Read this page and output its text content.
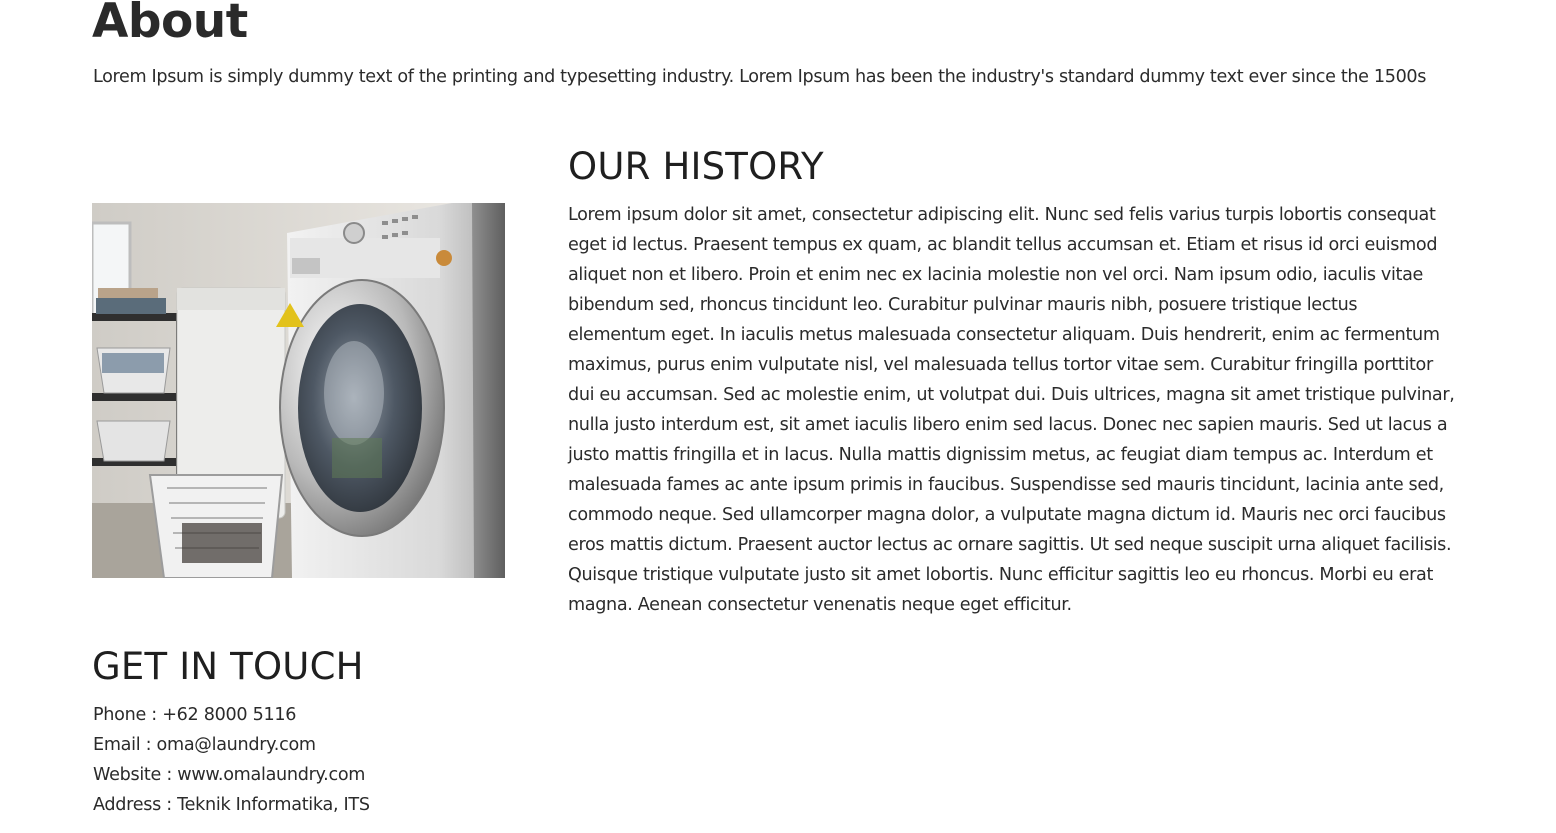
About

Lorem Ipsum is simply dummy text of the printing and typesetting industry. Lorem Ipsum has been the industry's standard dummy text ever since the 1500s

OUR HISTORY

Lorem ipsum dolor sit amet, consectetur adipiscing elit. Nunc sed felis varius turpis lobortis consequat
eget id lectus. Praesent tempus ex quam, ac blandit tellus accumsan et. Etiam et risus id orci euismod
aliquet non et libero. Proin et enim nec ex lacinia molestie non vel orci. Nam ipsum odio, iaculis vitae
bibendum sed, rhoncus tincidunt leo. Curabitur pulvinar mauris nibh, posuere tristique lectus
elementum eget. In iaculis metus malesuada consectetur aliquam. Duis hendrerit, enim ac fermentum
maximus, purus enim vulputate nisl, vel malesuada tellus tortor vitae sem. Curabitur fringilla porttitor
dui eu accumsan. Sed ac molestie enim, ut volutpat dui. Duis ultrices, magna sit amet tristique pulvinar,
nulla justo interdum est, sit amet iaculis libero enim sed lacus. Donec nec sapien mauris. Sed ut lacus a
justo mattis fringilla et in lacus. Nulla mattis dignissim metus, ac feugiat diam tempus ac. Interdum et
malesuada fames ac ante ipsum primis in faucibus. Suspendisse sed mauris tincidunt, lacinia ante sed,
commodo neque. Sed ullamcorper magna dolor, a vulputate magna dictum id. Mauris nec orci faucibus
eros mattis dictum. Praesent auctor lectus ac ornare sagittis. Ut sed neque suscipit urna aliquet facilisis.
Quisque tristique vulputate justo sit amet lobortis. Nunc efficitur sagittis leo eu rhoncus. Morbi eu erat
magna. Aenean consectetur venenatis neque eget efficitur.

GET IN TOUCH
Phone : +62 8000 5116
Email : oma@laundry.com
Website : www.omalaundry.com
Address : Teknik Informatika, ITS
